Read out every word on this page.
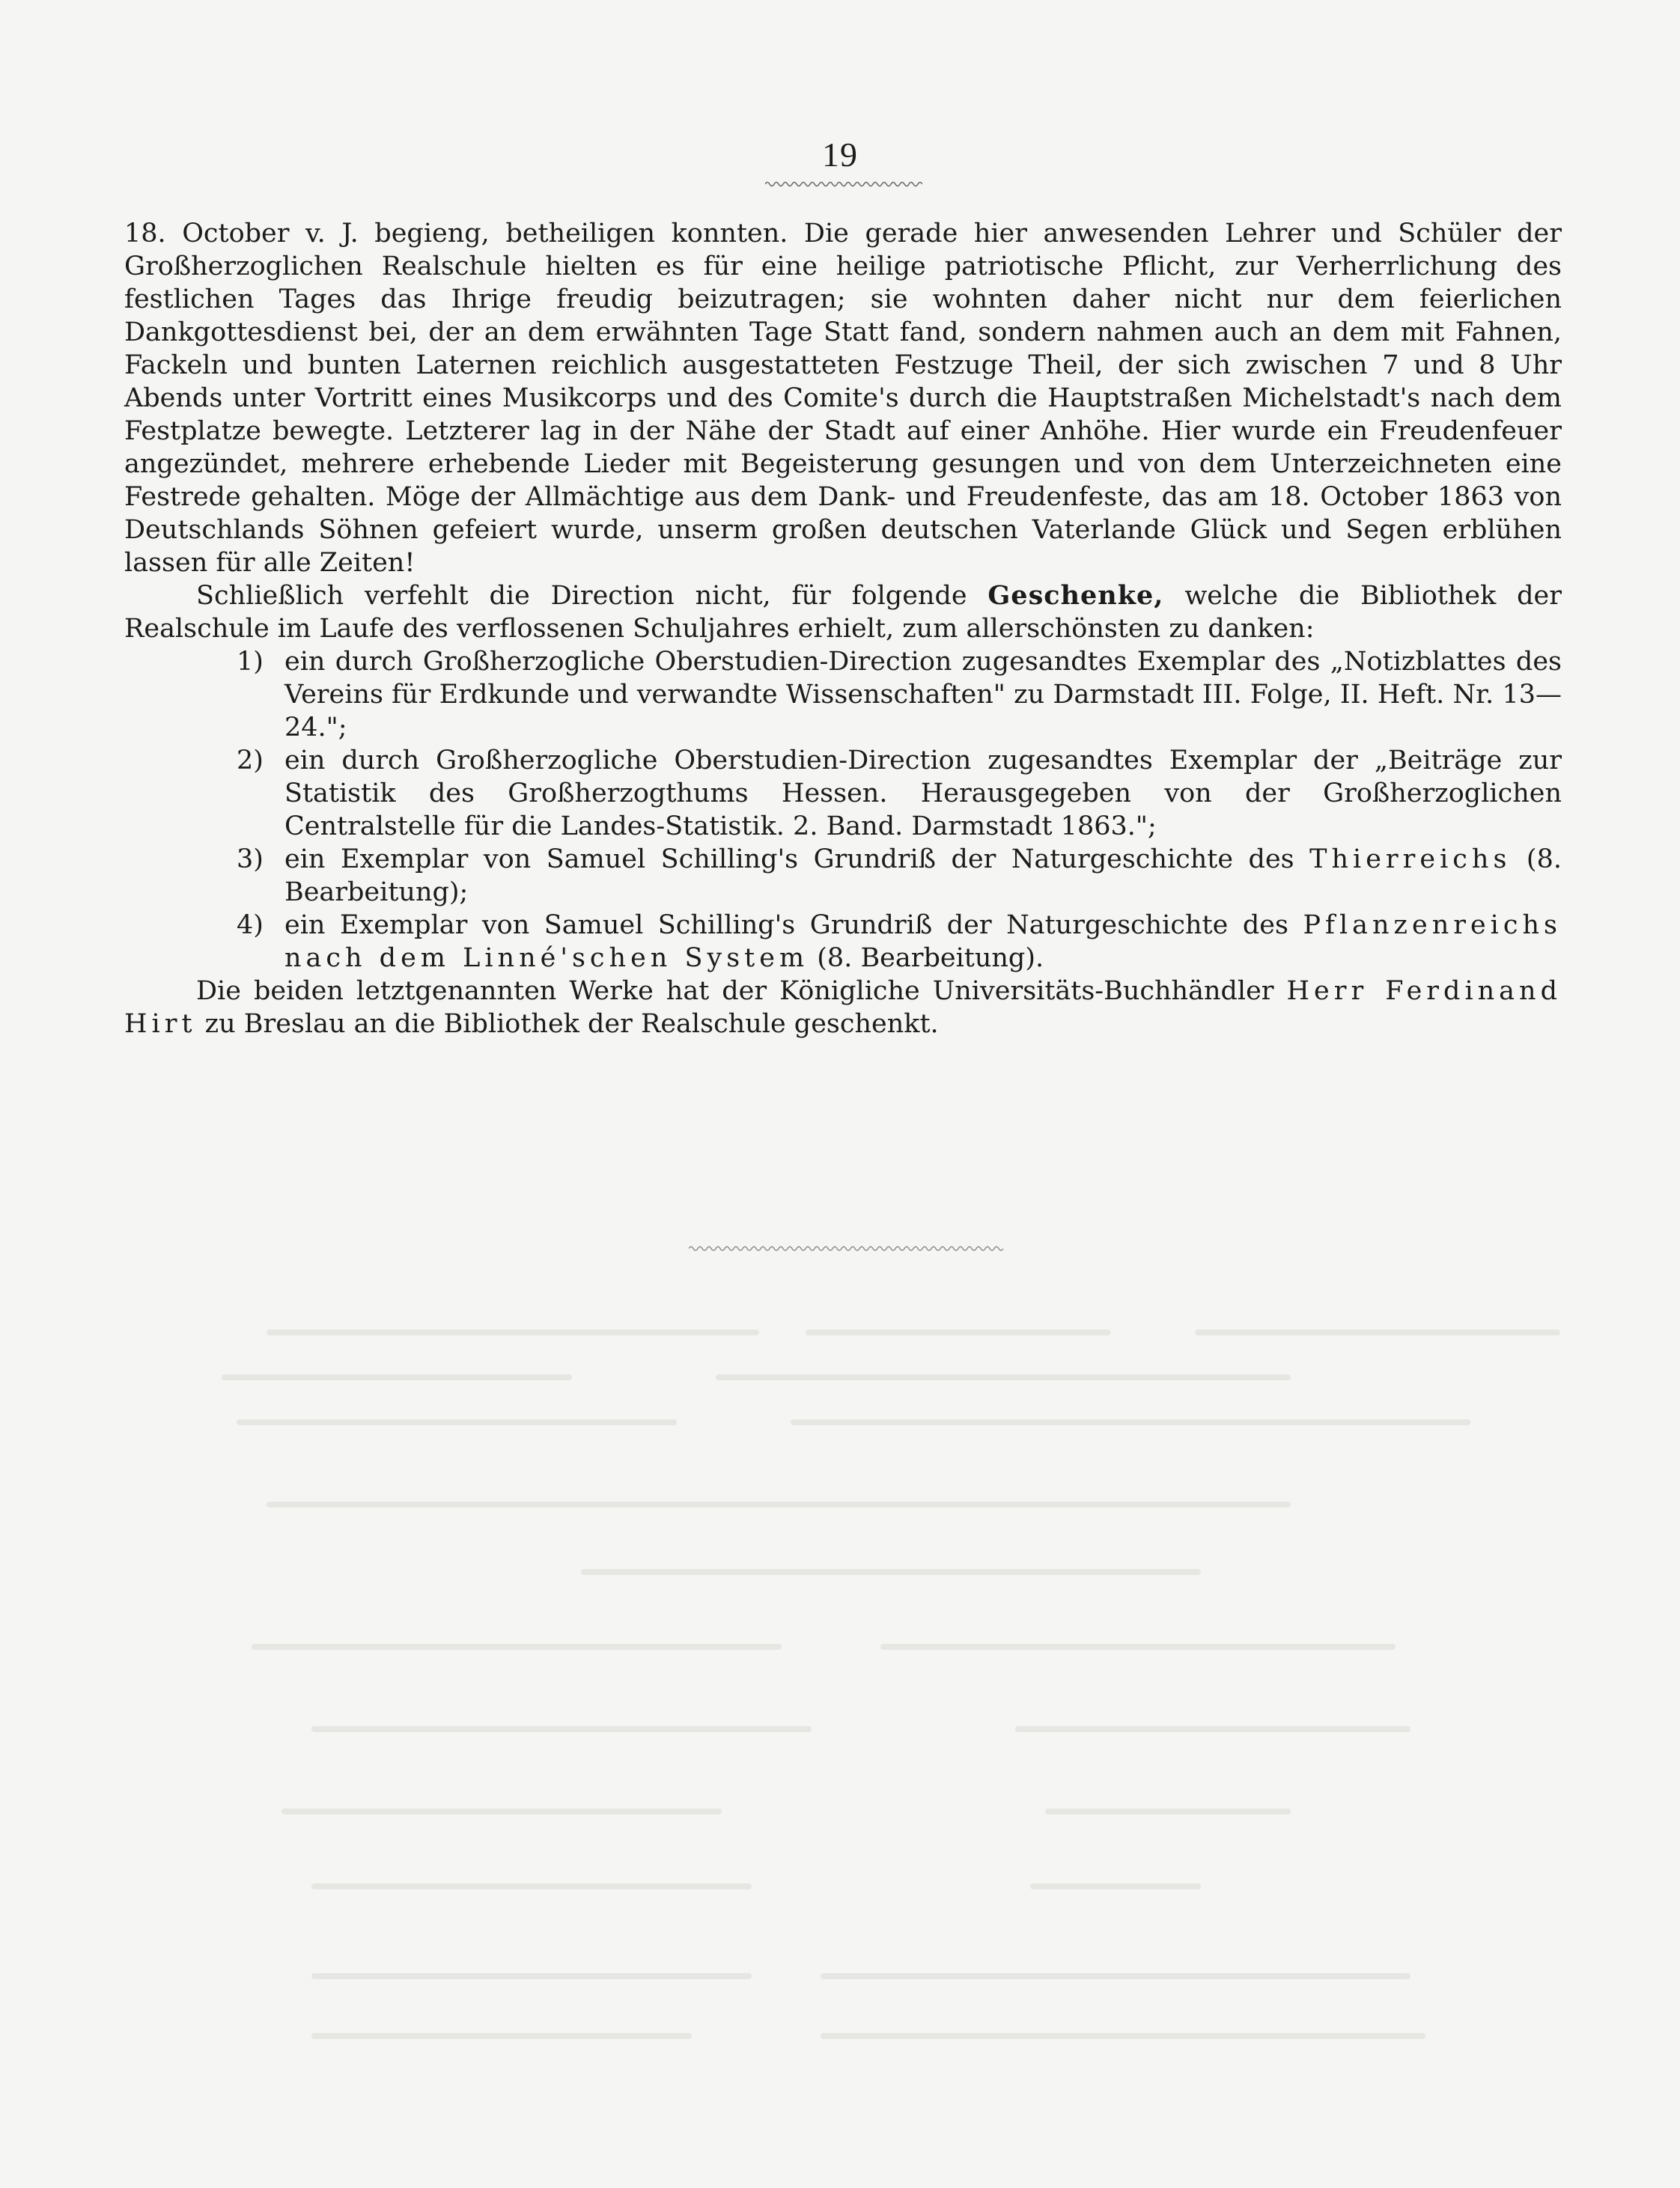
19

18. October v. J. begieng, betheiligen konnten. Die gerade hier anwesenden Lehrer und Schüler der Großherzoglichen Realschule hielten es für eine heilige patriotische Pflicht, zur Verherrlichung des festlichen Tages das Ihrige freudig beizutragen; sie wohnten daher nicht nur dem feierlichen Dankgottesdienst bei, der an dem erwähnten Tage Statt fand, sondern nahmen auch an dem mit Fahnen, Fackeln und bunten Laternen reichlich ausgestatteten Festzuge Theil, der sich zwischen 7 und 8 Uhr Abends unter Vortritt eines Musikcorps und des Comite's durch die Hauptstraßen Michelstadt's nach dem Festplatze bewegte. Letzterer lag in der Nähe der Stadt auf einer Anhöhe. Hier wurde ein Freudenfeuer angezündet, mehrere erhebende Lieder mit Begeisterung gesungen und von dem Unterzeichneten eine Festrede gehalten. Möge der Allmächtige aus dem Dank- und Freudenfeste, das am 18. October 1863 von Deutschlands Söhnen gefeiert wurde, unserm großen deutschen Vaterlande Glück und Segen erblühen lassen für alle Zeiten!

Schließlich verfehlt die Direction nicht, für folgende Geschenke, welche die Bibliothek der Realschule im Laufe des verflossenen Schuljahres erhielt, zum allerschönsten zu danken:

1) ein durch Großherzogliche Oberstudien-Direction zugesandtes Exemplar des „Notizblattes des Vereins für Erdkunde und verwandte Wissenschaften" zu Darmstadt III. Folge, II. Heft. Nr. 13—24.";
2) ein durch Großherzogliche Oberstudien-Direction zugesandtes Exemplar der „Beiträge zur Statistik des Großherzogthums Hessen. Herausgegeben von der Großherzoglichen Centralstelle für die Landes-Statistik. 2. Band. Darmstadt 1863.";
3) ein Exemplar von Samuel Schilling's Grundriß der Naturgeschichte des Thierreichs (8. Bearbeitung);
4) ein Exemplar von Samuel Schilling's Grundriß der Naturgeschichte des Pflanzenreichs nach dem Linné'schen System (8. Bearbeitung).

Die beiden letztgenannten Werke hat der Königliche Universitäts-Buchhändler Herr Ferdinand Hirt zu Breslau an die Bibliothek der Realschule geschenkt.
